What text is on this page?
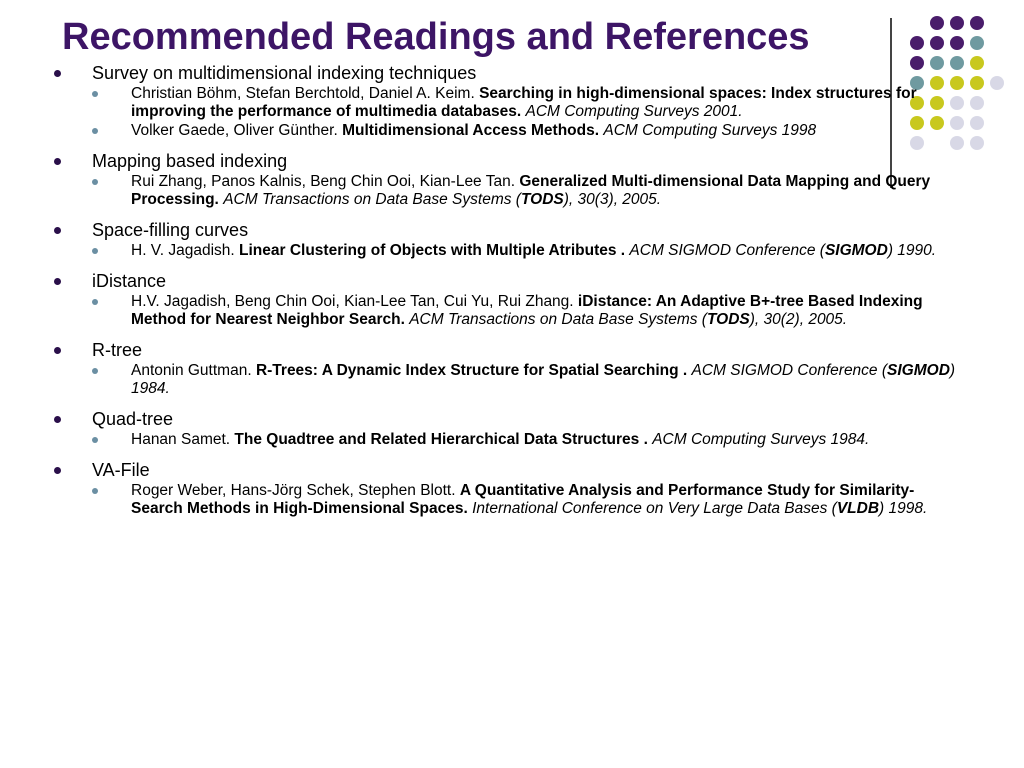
Recommended Readings and References
Survey on multidimensional indexing techniques
Christian Böhm, Stefan Berchtold, Daniel A. Keim. Searching in high-dimensional spaces: Index structures for improving the performance of multimedia databases. ACM Computing Surveys 2001.
Volker Gaede, Oliver Günther. Multidimensional Access Methods. ACM Computing Surveys 1998
Mapping based indexing
Rui Zhang, Panos Kalnis, Beng Chin Ooi, Kian-Lee Tan. Generalized Multi-dimensional Data Mapping and Query Processing. ACM Transactions on Data Base Systems (TODS), 30(3), 2005.
Space-filling curves
H. V. Jagadish. Linear Clustering of Objects with Multiple Atributes . ACM SIGMOD Conference (SIGMOD) 1990.
iDistance
H.V. Jagadish, Beng Chin Ooi, Kian-Lee Tan, Cui Yu, Rui Zhang. iDistance: An Adaptive B+-tree Based Indexing Method for Nearest Neighbor Search. ACM Transactions on Data Base Systems (TODS), 30(2), 2005.
R-tree
Antonin Guttman. R-Trees: A Dynamic Index Structure for Spatial Searching . ACM SIGMOD Conference (SIGMOD) 1984.
Quad-tree
Hanan Samet. The Quadtree and Related Hierarchical Data Structures . ACM Computing Surveys 1984.
VA-File
Roger Weber, Hans-Jörg Schek, Stephen Blott. A Quantitative Analysis and Performance Study for Similarity-Search Methods in High-Dimensional Spaces. International Conference on Very Large Data Bases (VLDB) 1998.
